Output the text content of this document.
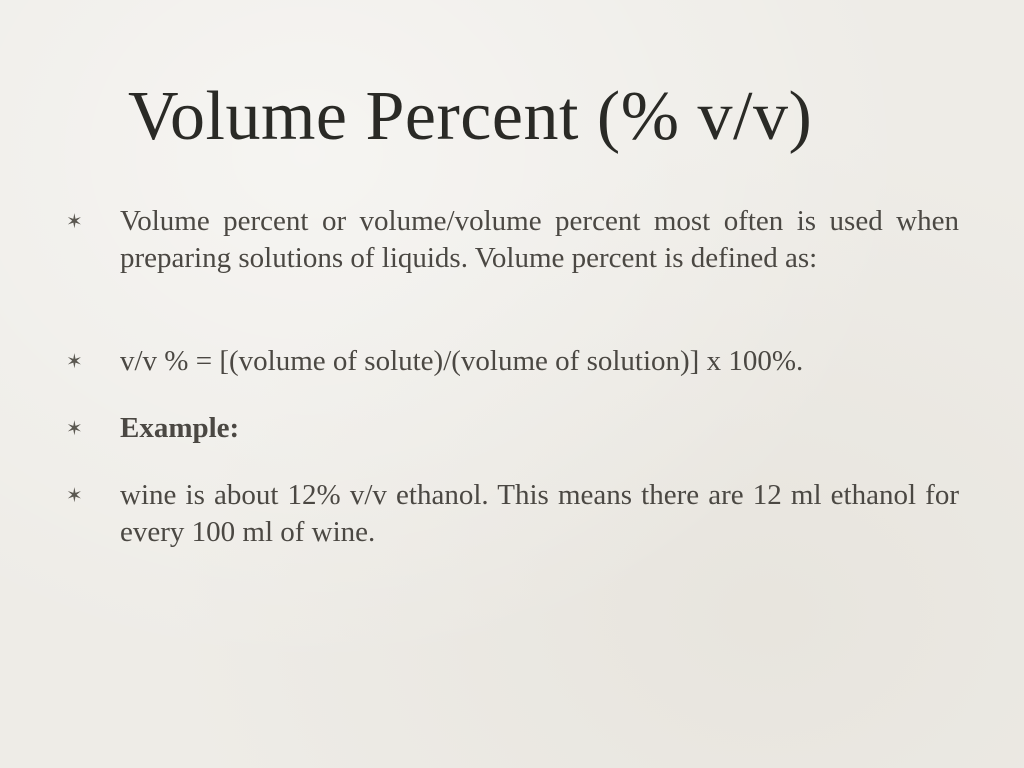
Volume Percent (% v/v)
✶	Volume percent or volume/volume percent most often is used when preparing solutions of liquids. Volume percent is defined as:
✶	v/v % = [(volume of solute)/(volume of solution)] x 100%.
✶	Example:
✶	wine is about 12% v/v ethanol. This means there are 12 ml ethanol for every 100 ml of wine.
